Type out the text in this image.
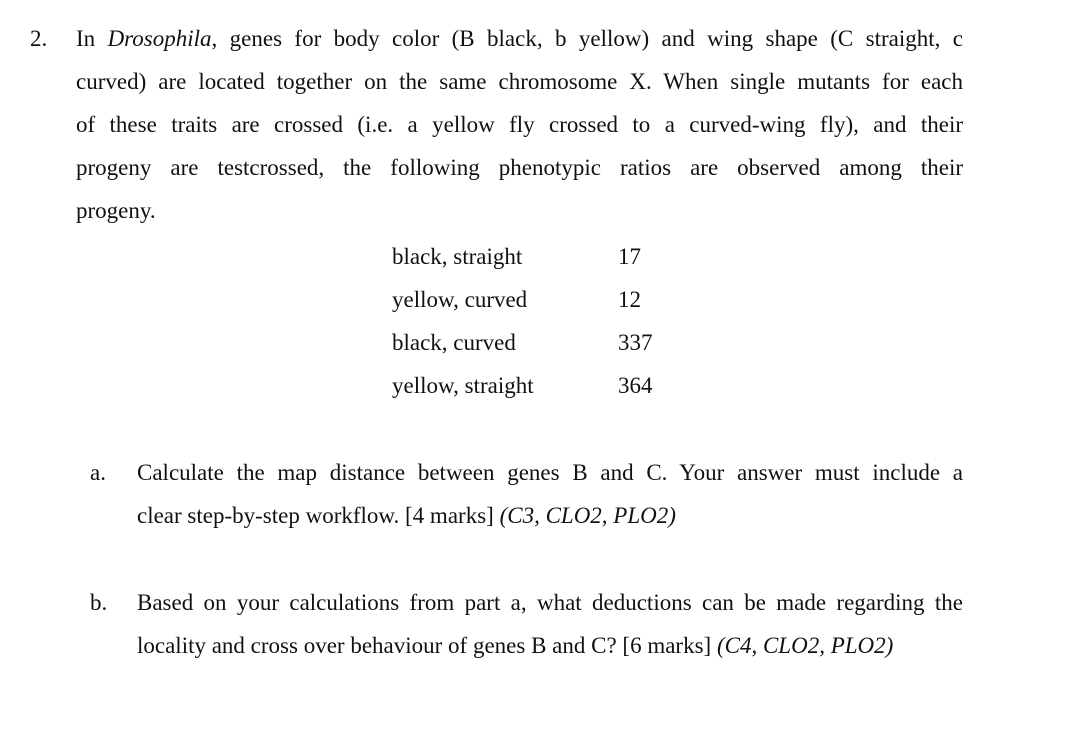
2. In Drosophila, genes for body color (B black, b yellow) and wing shape (C straight, c
curved) are located together on the same chromosome X. When single mutants for each
of these traits are crossed (i.e. a yellow fly crossed to a curved-wing fly), and their
progeny are testcrossed, the following phenotypic ratios are observed among their
progeny.
black, straight	17
yellow, curved	12
black, curved	337
yellow, straight	364
a. Calculate the map distance between genes B and C. Your answer must include a
clear step-by-step workflow. [4 marks] (C3, CLO2, PLO2)
b. Based on your calculations from part a, what deductions can be made regarding the
locality and cross over behaviour of genes B and C? [6 marks] (C4, CLO2, PLO2)
